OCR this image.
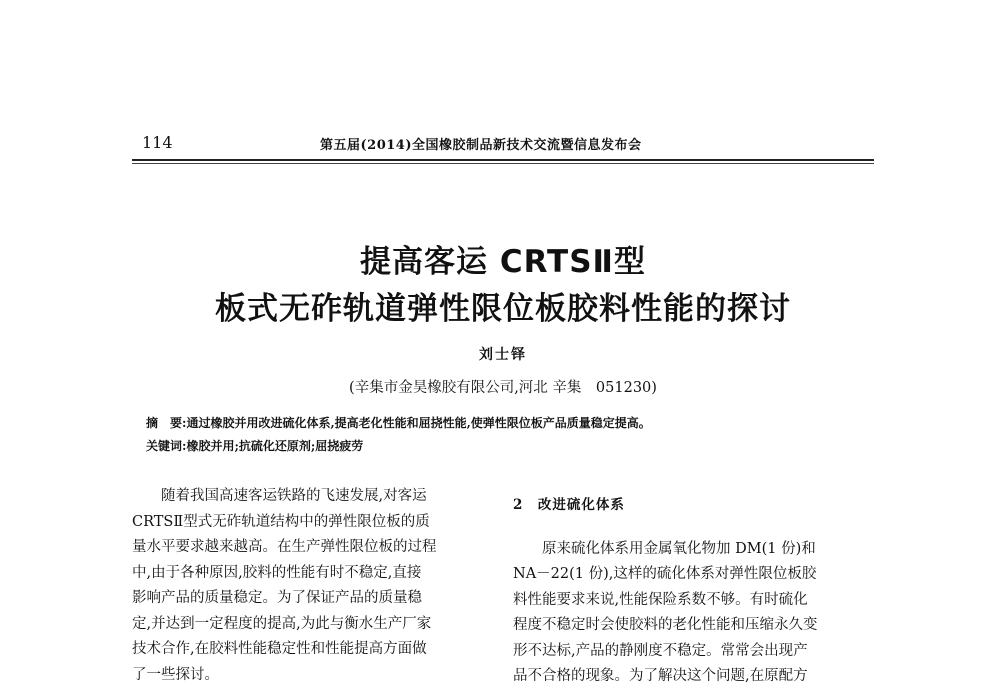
114	第五届(2014)全国橡胶制品新技术交流暨信息发布会
提高客运 CRTSⅡ型
板式无砟轨道弹性限位板胶料性能的探讨
刘士铎
(辛集市金昊橡胶有限公司,河北 辛集　051230)
摘　要:通过橡胶并用改进硫化体系,提高老化性能和屈挠性能,使弹性限位板产品质量稳定提高。
关键词:橡胶并用;抗硫化还原剂;屈挠疲劳

　　随着我国高速客运铁路的飞速发展,对客运

CRTSⅡ型式无砟轨道结构中的弹性限位板的质

量水平要求越来越高。在生产弹性限位板的过程

中,由于各种原因,胶料的性能有时不稳定,直接

影响产品的质量稳定。为了保证产品的质量稳

定,并达到一定程度的提高,为此与衡水生产厂家

技术合作,在胶料性能稳定性和性能提高方面做

了一些探讨。

2　改进硫化体系

　　原来硫化体系用金属氧化物加 DM(1 份)和

NA－22(1 份),这样的硫化体系对弹性限位板胶

料性能要求来说,性能保险系数不够。有时硫化

程度不稳定时会使胶料的老化性能和压缩永久变

形不达标,产品的静刚度不稳定。常常会出现产

品不合格的现象。为了解决这个问题,在原配方
